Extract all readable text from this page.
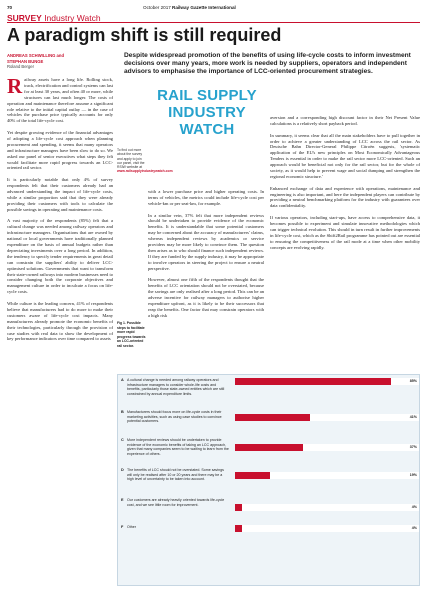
70	October 2017 Railway Gazette International
SURVEY Industry Watch
A paradigm shift is still required
ANDREAS SCHWILLING and
STEPHAN BUNGE
Roland Berger
Despite widespread promotion of the benefits of using life-cycle costs to inform investment decisions over many years, more work is needed by suppliers, operators and independent advisors to emphasise the importance of LCC-oriented procurement strategies.

Railway assets have a long life. Rolling stock, track, electrification and control systems can last for at least 30 years, and often 40 or more, while structures can last much longer. The costs of operation and maintenance therefore assume a significant role relative to the initial capital outlay — in the case of vehicles the purchase price typically accounts for only 40% of the total life-cycle cost.

Yet despite growing evidence of the financial advantages of adopting a life-cycle cost approach when planning procurement and spending, it seems that many operators and infrastructure managers have been slow to do so. We asked our panel of senior executives what steps they felt would facilitate more rapid progress towards an LCC-oriented rail sector.

It is particularly notable that only 4% of survey respondents felt that their customers already had an advanced understanding the impact of life-cycle costs, while a similar proportion said that they were already providing their customers with tools to calculate the possible savings in operating and maintenance costs.

A vast majority of the respondents (85%) felt that a cultural change was needed among railway operators and infrastructure managers. Organisations that are owned by national or local governments have traditionally planned expenditure on the basis of annual budgets rather than depreciating investments over a long period. In addition, the tendency to specify tender requirements in great detail can constrain the suppliers' ability to deliver LCC-optimised solutions. Governments that want to transform their state-owned railways into modern businesses need to consider changing both the corporate objectives and management culture in order to inculcate a focus on life-cycle costs.

While culture is the leading concern, 41% of respondents believe that manufacturers had to do more to make their customers aware of life-cycle cost impacts. Many manufacturers already promote the economic benefits of their technologies, particularly through the provision of case studies with real data to show the development of key performance indicators over time compared to assets

RAIL SUPPLY
INDUSTRY WATCH
To find out more about the survey and apply to join our panel, visit the RSIW website at www.railsupplyindustrywatch.com

with a lower purchase price and higher operating costs. In terms of vehicles, the metrics could include life-cycle cost per vehicle-km or per seat-km, for example.

In a similar vein, 37% felt that more independent reviews should be undertaken to provide evidence of the economic benefits. It is understandable that some potential customers may be concerned about the accuracy of manufacturers' claims, whereas independent reviews by academics or service providers may be more likely to convince them. The question then arises as to who should finance such independent reviews. If they are funded by the supply industry, it may be appropriate to involve operators in steering the project to ensure a neutral perspective.

However, almost one fifth of the respondents thought that the benefits of LCC orientation should not be overstated, because the savings are only realised after a long period. This can be an adverse incentive for railway managers to authorise higher expenditure upfront, as it is likely to be their successors that reap the benefits. One factor that may constrain operators with a high risk

aversion and a corresponding high discount factor in their Net Present Value calculations is a relatively short payback period.

In summary, it seems clear that all the main stakeholders have to pull together in order to achieve a greater understanding of LCC across the rail sector. As Deutsche Bahn Director-General Philippe Citroën suggests, 'systematic application of the EU's new principles on Most Economically Advantageous Tenders is essential in order to make the rail sector more LCC-oriented. Such an approach would be beneficial not only for the rail sector, but for the whole of society, as it would help to prevent wage and social dumping and strengthen the regional economic structure.'

Enhanced exchange of data and experience with operations, maintenance and engineering is also important, and here the independent players can contribute by providing a neutral benchmarking platform for the industry with guarantees over data confidentiality.

If various operators, including start-ups, have access to comprehensive data, it becomes possible to experiment and simulate innovative methodologies which can trigger technical evolution. This should in turn result in further improvements in life-cycle cost, which as the Shift2Rail programme has pointed out are essential to ensuring the competitiveness of the rail mode at a time when other mobility concepts are evolving rapidly.

Fig 1. Possible steps to facilitate more rapid progress towards an LCC-oriented rail sector.
A A cultural change is needed among railway operators and infrastructure managers to consider whole-life costs and benefits, particularly those state-owned entities which are still constrained by annual expenditure limits.
85%
B Manufacturers should focus more on life-cycle costs in their marketing activities, such as using case studies to convince potential customers.
41%
C More independent reviews should be undertaken to provide evidence of the economic benefits of taking an LCC approach, given that many companies seem to be waiting to learn from the experience of others.
37%
D The benefits of LCC should not be overstated. Some savings will only be realised after 10 or 20 years and there may be a high level of uncertainty to be taken into account.
19%
E Our customers are already heavily oriented towards life-cycle cost, and we see little room for improvement.
4%
F Other	4%
